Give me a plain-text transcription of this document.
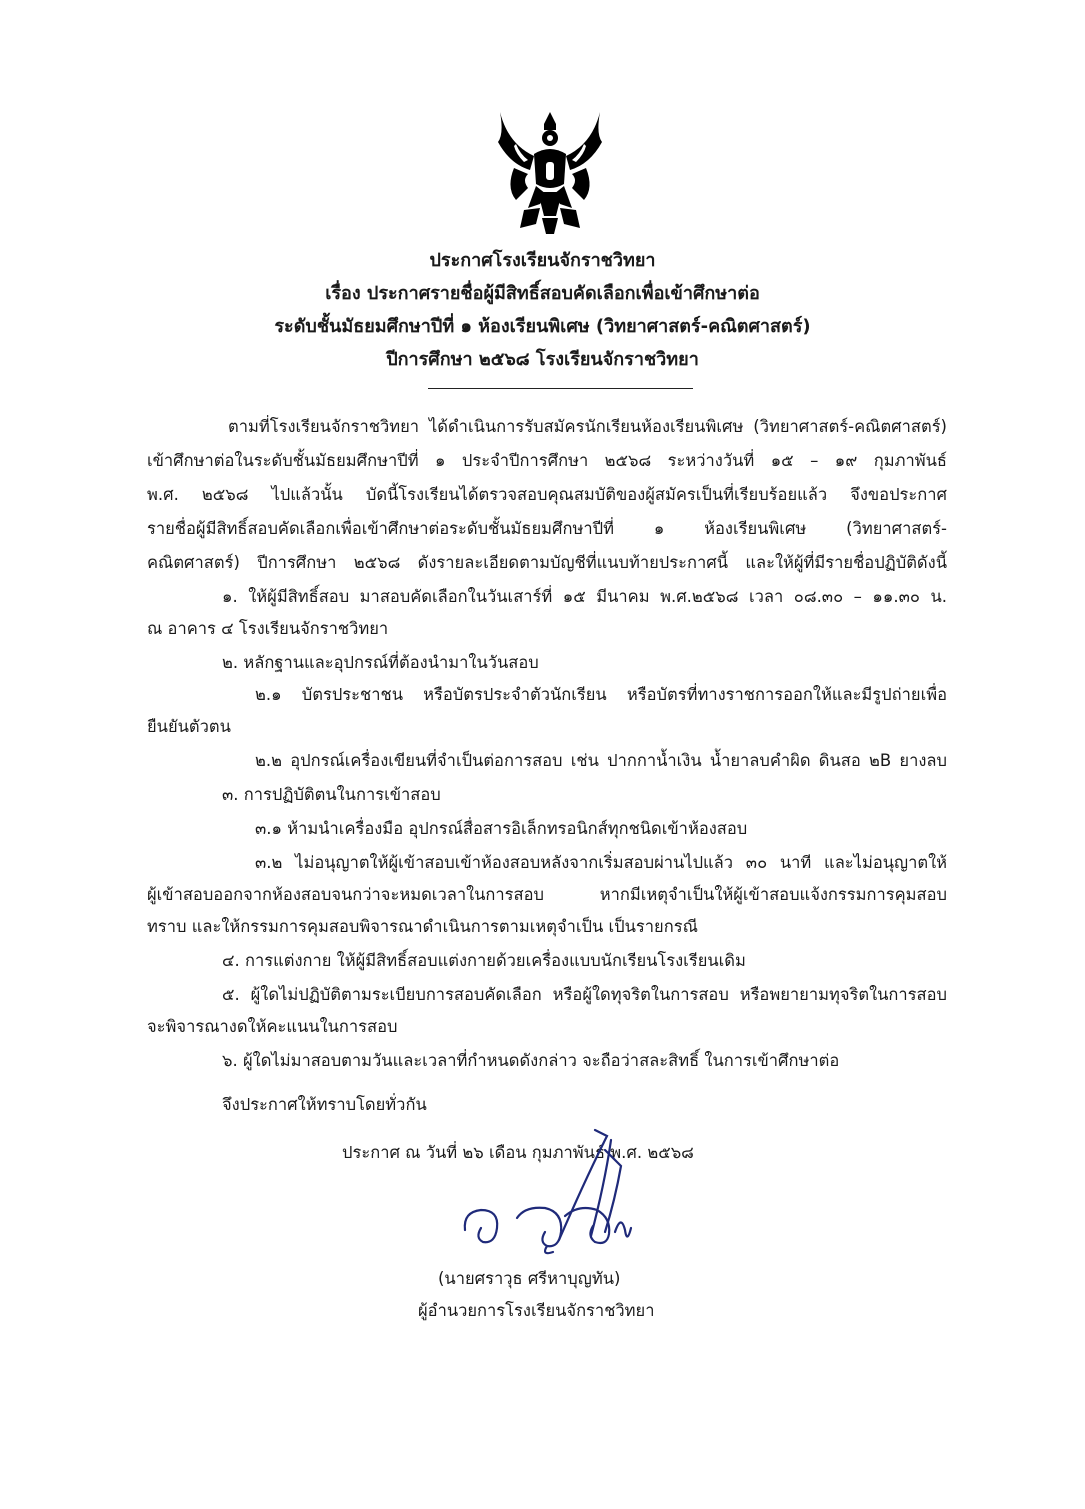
ประกาศโรงเรียนจักราชวิทยา
เรื่อง ประกาศรายชื่อผู้มีสิทธิ์สอบคัดเลือกเพื่อเข้าศึกษาต่อ
ระดับชั้นมัธยมศึกษาปีที่ ๑ ห้องเรียนพิเศษ (วิทยาศาสตร์-คณิตศาสตร์)
ปีการศึกษา ๒๕๖๘ โรงเรียนจักราชวิทยา
ตามที่โรงเรียนจักราชวิทยา ได้ดำเนินการรับสมัครนักเรียนห้องเรียนพิเศษ (วิทยาศาสตร์-คณิตศาสตร์)
เข้าศึกษาต่อในระดับชั้นมัธยมศึกษาปีที่ ๑ ประจำปีการศึกษา ๒๕๖๘ ระหว่างวันที่ ๑๕ – ๑๙ กุมภาพันธ์
พ.ศ. ๒๕๖๘ ไปแล้วนั้น บัดนี้โรงเรียนได้ตรวจสอบคุณสมบัติของผู้สมัครเป็นที่เรียบร้อยแล้ว จึงขอประกาศ
รายชื่อผู้มีสิทธิ์สอบคัดเลือกเพื่อเข้าศึกษาต่อระดับชั้นมัธยมศึกษาปีที่ ๑ ห้องเรียนพิเศษ (วิทยาศาสตร์-
คณิตศาสตร์) ปีการศึกษา ๒๕๖๘ ดังรายละเอียดตามบัญชีที่แนบท้ายประกาศนี้ และให้ผู้ที่มีรายชื่อปฏิบัติดังนี้
๑. ให้ผู้มีสิทธิ์สอบ มาสอบคัดเลือกในวันเสาร์ที่ ๑๕ มีนาคม พ.ศ.๒๕๖๘ เวลา ๐๘.๓๐ – ๑๑.๓๐ น.
ณ อาคาร ๔ โรงเรียนจักราชวิทยา
๒. หลักฐานและอุปกรณ์ที่ต้องนำมาในวันสอบ
๒.๑ บัตรประชาชน หรือบัตรประจำตัวนักเรียน หรือบัตรที่ทางราชการออกให้และมีรูปถ่ายเพื่อ
ยืนยันตัวตน
๒.๒ อุปกรณ์เครื่องเขียนที่จำเป็นต่อการสอบ เช่น ปากกาน้ำเงิน น้ำยาลบคำผิด ดินสอ ๒B ยางลบ
๓. การปฏิบัติตนในการเข้าสอบ
๓.๑ ห้ามนำเครื่องมือ อุปกรณ์สื่อสารอิเล็กทรอนิกส์ทุกชนิดเข้าห้องสอบ
๓.๒ ไม่อนุญาตให้ผู้เข้าสอบเข้าห้องสอบหลังจากเริ่มสอบผ่านไปแล้ว ๓๐ นาที และไม่อนุญาตให้
ผู้เข้าสอบออกจากห้องสอบจนกว่าจะหมดเวลาในการสอบ หากมีเหตุจำเป็นให้ผู้เข้าสอบแจ้งกรรมการคุมสอบ
ทราบ และให้กรรมการคุมสอบพิจารณาดำเนินการตามเหตุจำเป็น เป็นรายกรณี
๔. การแต่งกาย ให้ผู้มีสิทธิ์สอบแต่งกายด้วยเครื่องแบบนักเรียนโรงเรียนเดิม
๕. ผู้ใดไม่ปฏิบัติตามระเบียบการสอบคัดเลือก หรือผู้ใดทุจริตในการสอบ หรือพยายามทุจริตในการสอบ
จะพิจารณางดให้คะแนนในการสอบ
๖. ผู้ใดไม่มาสอบตามวันและเวลาที่กำหนดดังกล่าว จะถือว่าสละสิทธิ์ ในการเข้าศึกษาต่อ
จึงประกาศให้ทราบโดยทั่วกัน
ประกาศ ณ วันที่ ๒๖ เดือน กุมภาพันธ์ พ.ศ. ๒๕๖๘
(นายศราวุธ ศรีหาบุญทัน)
ผู้อำนวยการโรงเรียนจักราชวิทยา
